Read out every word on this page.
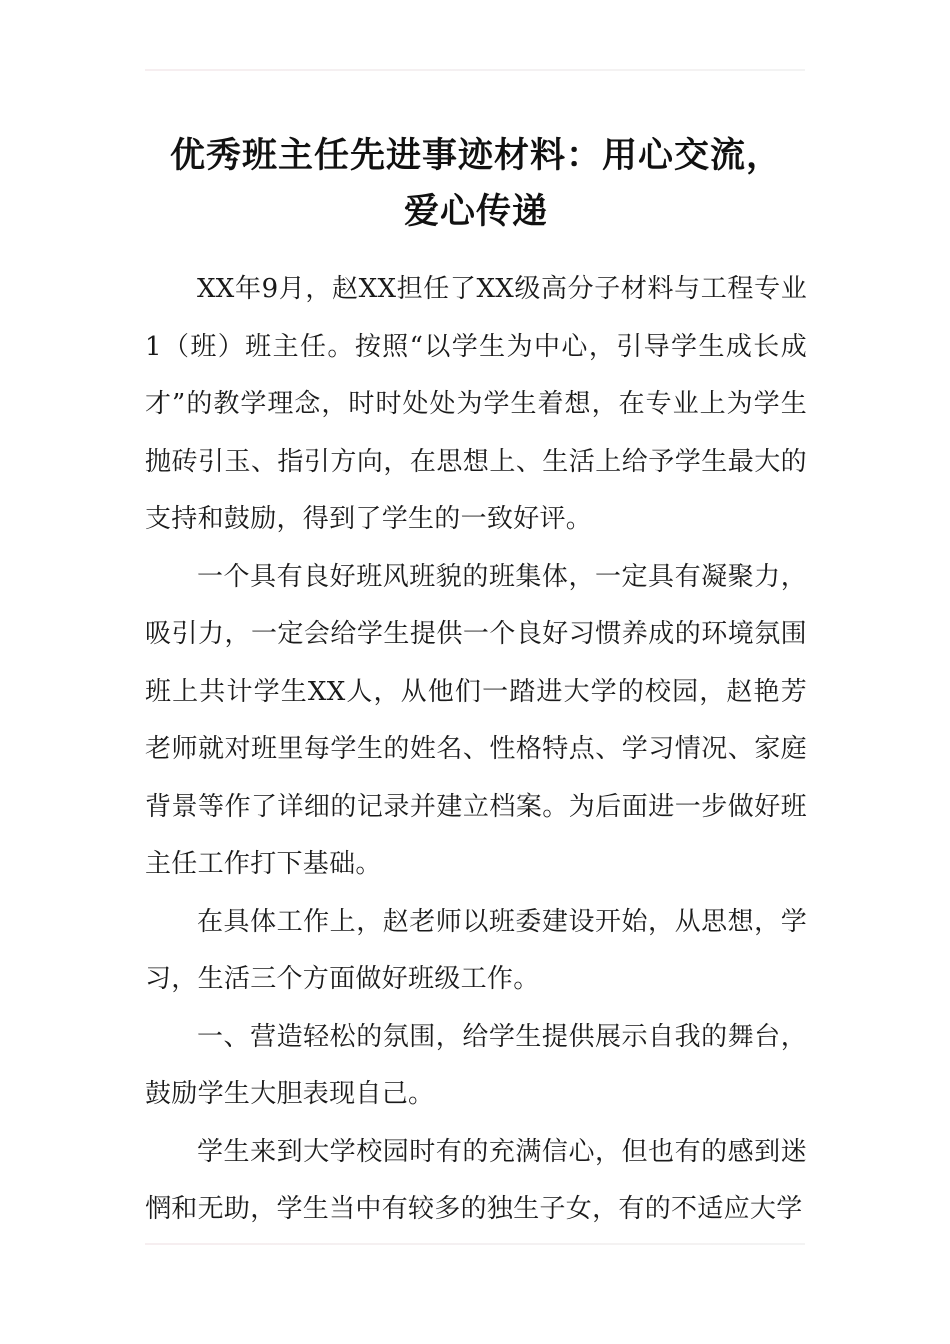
优秀班主任先进事迹材料：用心交流，
爱心传递

XX年9月，赵XX担任了XX级高分子材料与工程专业1（班）班主任。按照“以学生为中心，引导学生成长成才”的教学理念，时时处处为学生着想，在专业上为学生抛砖引玉、指引方向，在思想上、生活上给予学生最大的支持和鼓励，得到了学生的一致好评。

一个具有良好班风班貌的班集体，一定具有凝聚力，吸引力，一定会给学生提供一个良好习惯养成的环境氛围班上共计学生XX人，从他们一踏进大学的校园，赵艳芳老师就对班里每学生的姓名、性格特点、学习情况、家庭背景等作了详细的记录并建立档案。为后面进一步做好班主任工作打下基础。

在具体工作上，赵老师以班委建设开始，从思想，学习，生活三个方面做好班级工作。

一、营造轻松的氛围，给学生提供展示自我的舞台，鼓励学生大胆表现自己。

学生来到大学校园时有的充满信心，但也有的感到迷惘和无助，学生当中有较多的独生子女，有的不适应大学
